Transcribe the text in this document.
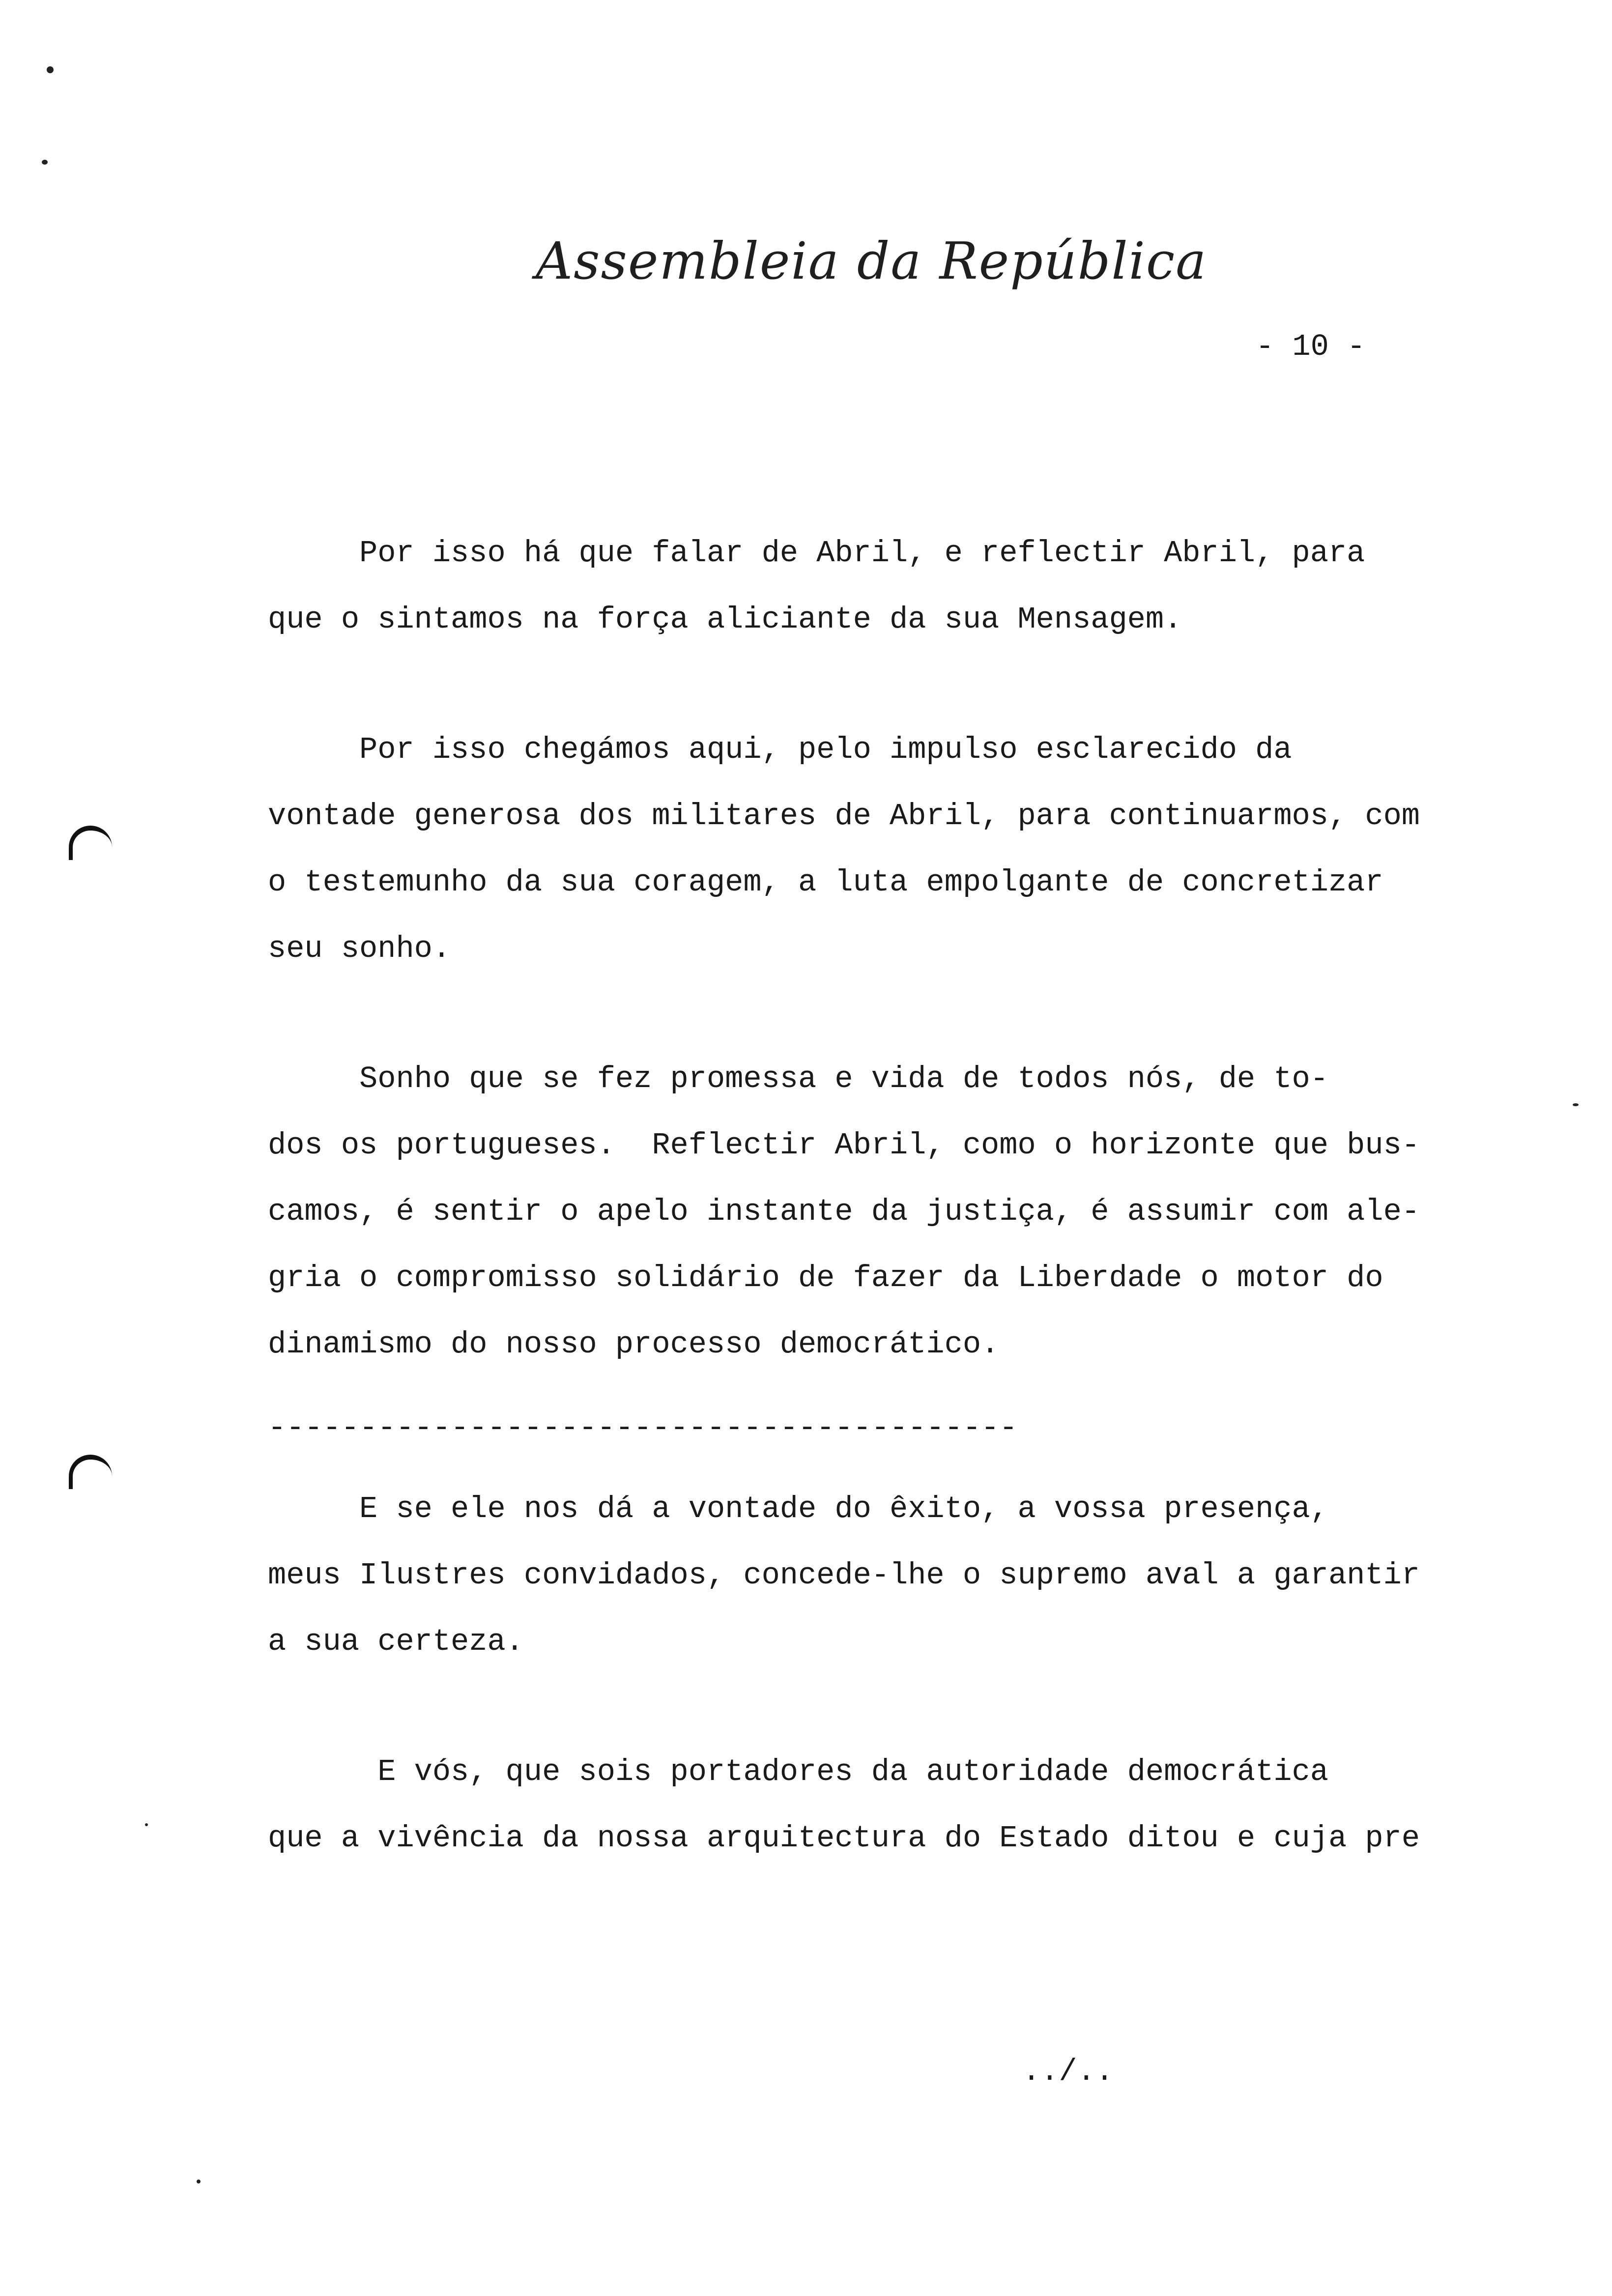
Assembleia da República
- 10 -
Por isso há que falar de Abril, e reflectir Abril, para
que o sintamos na força aliciante da sua Mensagem.
Por isso chegámos aqui, pelo impulso esclarecido da
vontade generosa dos militares de Abril, para continuarmos, com
o testemunho da sua coragem, a luta empolgante de concretizar
seu sonho.
Sonho que se fez promessa e vida de todos nós, de to-
dos os portugueses.  Reflectir Abril, como o horizonte que bus-
camos, é sentir o apelo instante da justiça, é assumir com ale-
gria o compromisso solidário de fazer da Liberdade o motor do
dinamismo do nosso processo democrático.
-----------------------------------------
E se ele nos dá a vontade do êxito, a vossa presença,
meus Ilustres convidados, concede-lhe o supremo aval a garantir
a sua certeza.
E vós, que sois portadores da autoridade democrática
que a vivência da nossa arquitectura do Estado ditou e cuja pre
../..
